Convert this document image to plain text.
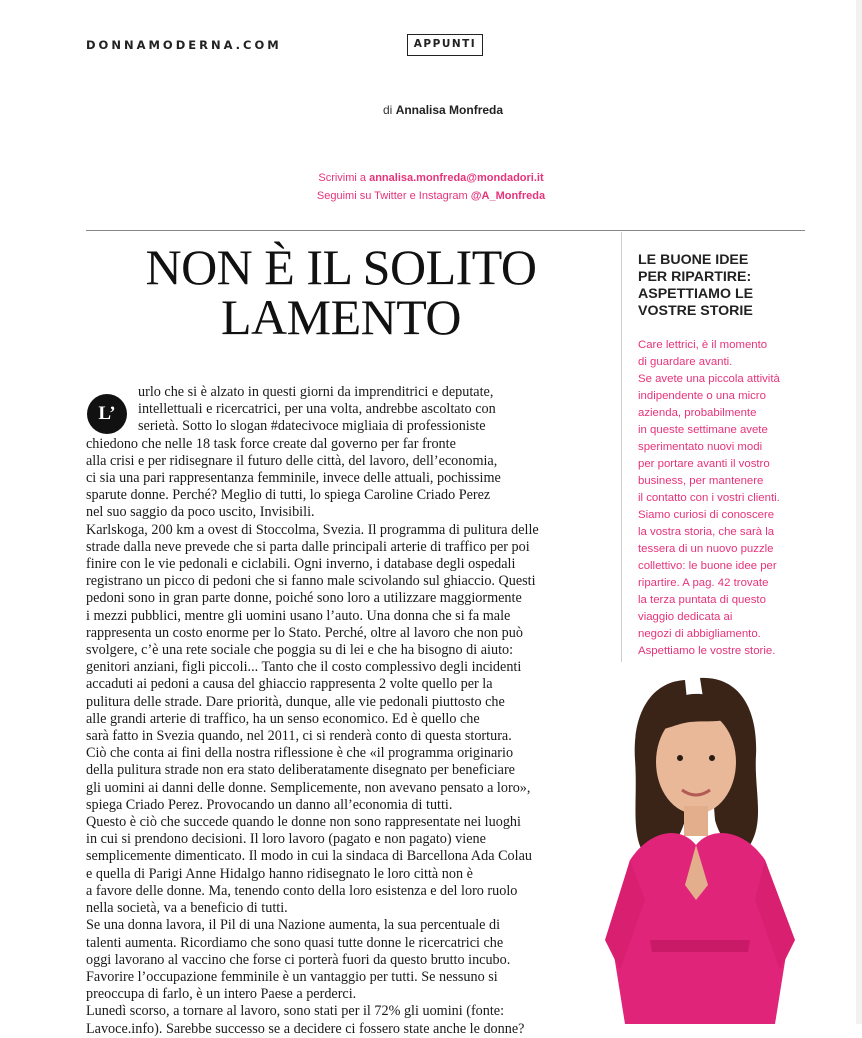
DONNAMODERNA.COM	APPUNTI
di Annalisa Monfreda
Scrivimi a annalisa.monfreda@mondadori.it
Seguimi su Twitter e Instagram @A_Monfreda
NON È IL SOLITO
LAMENTO
L’
urlo che si è alzato in questi giorni da imprenditrici e deputate,
intellettuali e ricercatrici, per una volta, andrebbe ascoltato con
serietà. Sotto lo slogan #datecivoce migliaia di professioniste
chiedono che nelle 18 task force create dal governo per far fronte
alla crisi e per ridisegnare il futuro delle città, del lavoro, dell’economia,
ci sia una pari rappresentanza femminile, invece delle attuali, pochissime
sparute donne. Perché? Meglio di tutti, lo spiega Caroline Criado Perez
nel suo saggio da poco uscito, Invisibili.
Karlskoga, 200 km a ovest di Stoccolma, Svezia. Il programma di pulitura delle
strade dalla neve prevede che si parta dalle principali arterie di traffico per poi
finire con le vie pedonali e ciclabili. Ogni inverno, i database degli ospedali
registrano un picco di pedoni che si fanno male scivolando sul ghiaccio. Questi
pedoni sono in gran parte donne, poiché sono loro a utilizzare maggiormente
i mezzi pubblici, mentre gli uomini usano l’auto. Una donna che si fa male
rappresenta un costo enorme per lo Stato. Perché, oltre al lavoro che non può
svolgere, c’è una rete sociale che poggia su di lei e che ha bisogno di aiuto:
genitori anziani, figli piccoli... Tanto che il costo complessivo degli incidenti
accaduti ai pedoni a causa del ghiaccio rappresenta 2 volte quello per la
pulitura delle strade. Dare priorità, dunque, alle vie pedonali piuttosto che
alle grandi arterie di traffico, ha un senso economico. Ed è quello che
sarà fatto in Svezia quando, nel 2011, ci si renderà conto di questa stortura.
Ciò che conta ai fini della nostra riflessione è che «il programma originario
della pulitura strade non era stato deliberatamente disegnato per beneficiare
gli uomini ai danni delle donne. Semplicemente, non avevano pensato a loro»,
spiega Criado Perez. Provocando un danno all’economia di tutti.
Questo è ciò che succede quando le donne non sono rappresentate nei luoghi
in cui si prendono decisioni. Il loro lavoro (pagato e non pagato) viene
semplicemente dimenticato. Il modo in cui la sindaca di Barcellona Ada Colau
e quella di Parigi Anne Hidalgo hanno ridisegnato le loro città non è
a favore delle donne. Ma, tenendo conto della loro esistenza e del loro ruolo
nella società, va a beneficio di tutti.
Se una donna lavora, il Pil di una Nazione aumenta, la sua percentuale di
talenti aumenta. Ricordiamo che sono quasi tutte donne le ricercatrici che
oggi lavorano al vaccino che forse ci porterà fuori da questo brutto incubo.
Favorire l’occupazione femminile è un vantaggio per tutti. Se nessuno si
preoccupa di farlo, è un intero Paese a perderci.
Lunedì scorso, a tornare al lavoro, sono stati per il 72% gli uomini (fonte:
Lavoce.info). Sarebbe successo se a decidere ci fossero state anche le donne?
LE BUONE IDEE
PER RIPARTIRE:
ASPETTIAMO LE
VOSTRE STORIE
Care lettrici, è il momento
di guardare avanti.
Se avete una piccola attività
indipendente o una micro
azienda, probabilmente
in queste settimane avete
sperimentato nuovi modi
per portare avanti il vostro
business, per mantenere
il contatto con i vostri clienti.
Siamo curiosi di conoscere
la vostra storia, che sarà la
tessera di un nuovo puzzle
collettivo: le buone idee per
ripartire. A pag. 42 trovate
la terza puntata di questo
viaggio dedicata ai
negozi di abbigliamento.
Aspettiamo le vostre storie.
